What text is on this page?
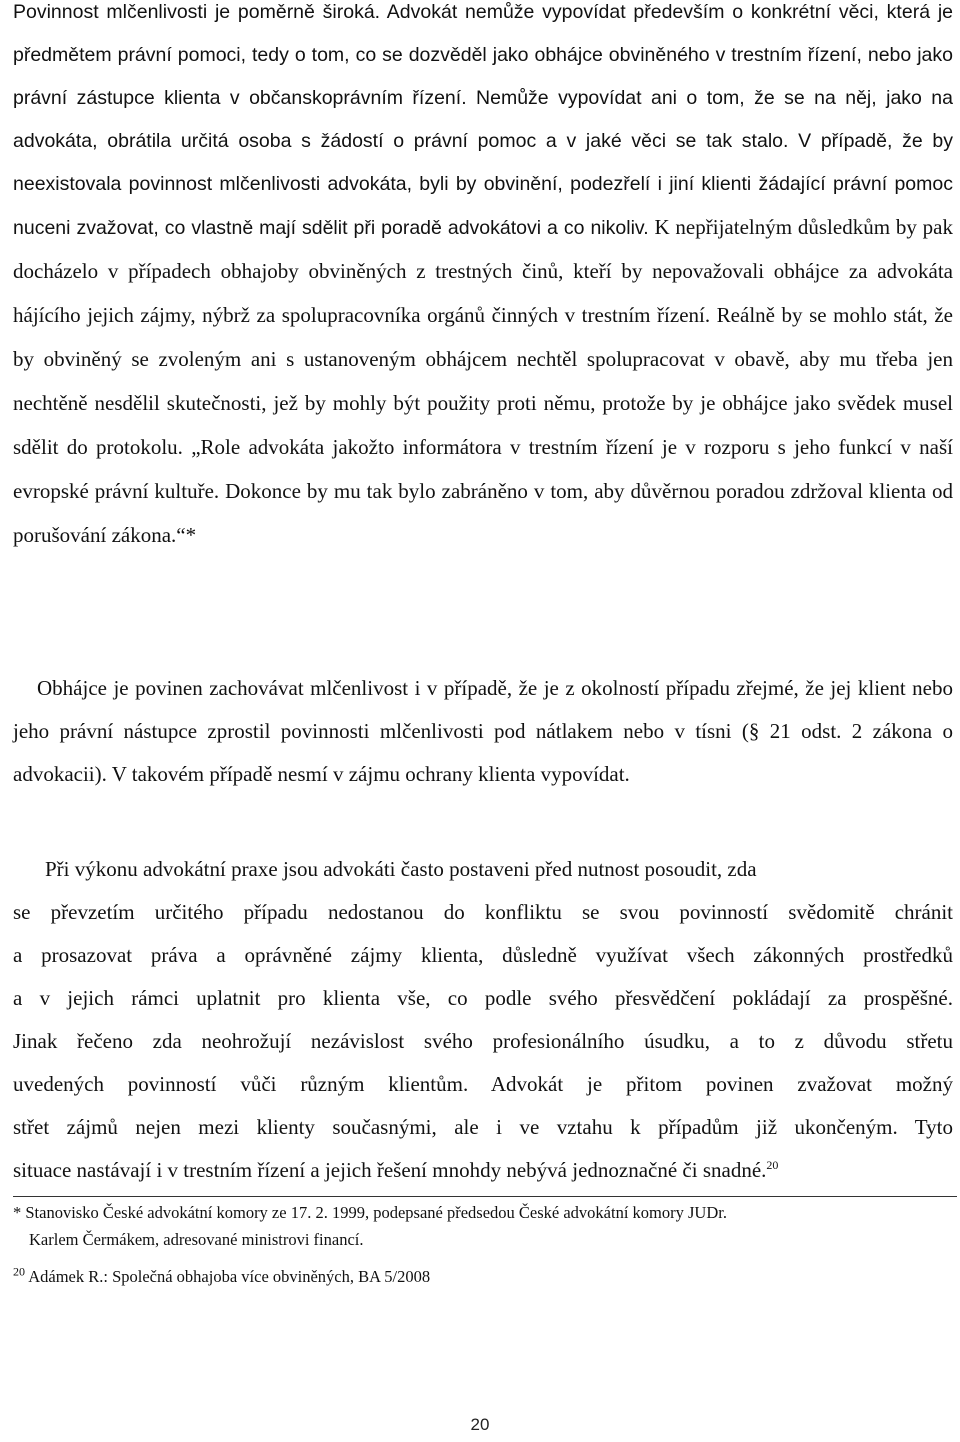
Povinnost mlčenlivosti je poměrně široká. Advokát nemůže vypovídat především o konkrétní věci, která je předmětem právní pomoci, tedy o tom, co se dozvěděl jako obhájce obviněného v trestním řízení, nebo jako právní zástupce klienta v občanskoprávním řízení. Nemůže vypovídat ani o tom, že se na něj, jako na advokáta, obrátila určitá osoba s žádostí o právní pomoc a v jaké věci se tak stalo. V případě, že by neexistovala povinnost mlčenlivosti advokáta, byli by obvinění, podezřelí i jiní klienti žádající právní pomoc nuceni zvažovat, co vlastně mají sdělit při poradě advokátovi a co nikoliv. K nepřijatelným důsledkům by pak docházelo v případech obhajoby obviněných z trestných činů, kteří by nepovažovali obhájce za advokáta hájícího jejich zájmy, nýbrž za spolupracovníka orgánů činných v trestním řízení. Reálně by se mohlo stát, že by obviněný se zvoleným ani s ustanoveným obhájcem nechtěl spolupracovat v obavě, aby mu třeba jen nechtěně nesdělil skutečnosti, jež by mohly být použity proti němu, protože by je obhájce jako svědek musel sdělit do protokolu. „Role advokáta jakožto informátora v trestním řízení je v rozporu s jeho funkcí v naší evropské právní kultuře. Dokonce by mu tak bylo zabráněno v tom, aby důvěrnou poradou zdržoval klienta od porušování zákona.“*

Obhájce je povinen zachovávat mlčenlivost i v případě, že je z okolností případu zřejmé, že jej klient nebo jeho právní nástupce zprostil povinnosti mlčenlivosti pod nátlakem nebo v tísni (§ 21 odst. 2 zákona o advokacii). V takovém případě nesmí v zájmu ochrany klienta vypovídat.

Při výkonu advokátní praxe jsou advokáti často postaveni před nutnost posoudit, zda
se převzetím určitého případu nedostanou do konfliktu se svou povinností svědomitě chránit
a prosazovat práva a oprávněné zájmy klienta, důsledně využívat všech zákonných prostředků
a v jejich rámci uplatnit pro klienta vše, co podle svého přesvědčení pokládají za prospěšné.
Jinak řečeno zda neohrožují nezávislost svého profesionálního úsudku, a to z důvodu střetu
uvedených povinností vůči různým klientům. Advokát je přitom povinen zvažovat možný
střet zájmů nejen mezi klienty současnými, ale i ve vztahu k případům již ukončeným. Tyto
situace nastávají i v trestním řízení a jejich řešení mnohdy nebývá jednoznačné či snadné.$^{20}$
* Stanovisko České advokátní komory ze 17. 2. 1999, podepsané předsedou České advokátní komory JUDr.
Karlem Čermákem, adresované ministrovi financí.
$^{20}$ Adámek R.: Společná obhajoba více obviněných, BA 5/2008
20
